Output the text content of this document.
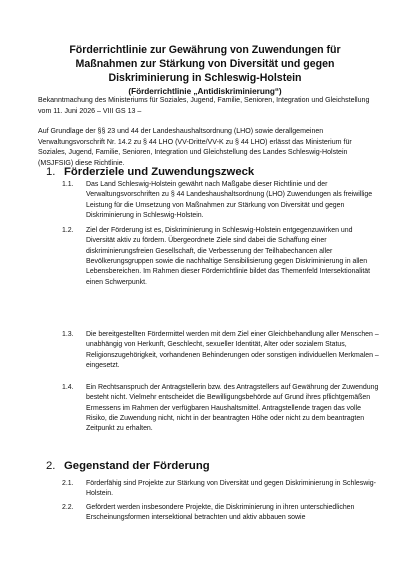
Förderrichtlinie zur Gewährung von Zuwendungen für

Maßnahmen zur Stärkung von Diversität und gegen

Diskriminierung in Schleswig-Holstein

(Förderrichtlinie „Antidiskriminierung“)

Bekanntmachung des Ministeriums für Soziales, Jugend, Familie, Senioren, Integration und Gleichstellung vom 11. Juni 2026 – VIII GS 13 –

Auf Grundlage der §§ 23 und 44 der Landeshaushaltsordnung (LHO) sowie derallgemeinen Verwaltungsvorschrift Nr. 14.2 zu § 44 LHO (VV-Dritte/VV-K zu § 44 LHO) erlässt das Ministerium für Soziales, Jugend, Familie, Senioren, Integration und Gleichstellung des Landes Schleswig-Holstein (MSJFSIG) diese Richtlinie.

1. Förderziele und Zuwendungszweck
1.1.	Das Land Schleswig-Holstein gewährt nach Maßgabe dieser Richtlinie und der Verwaltungsvorschriften zu § 44 Landeshaushaltsordnung (LHO) Zuwendungen als freiwillige Leistung für die Umsetzung von Maßnahmen zur Stärkung von Diversität und gegen Diskriminierung in Schleswig-Holstein.
1.2.	Ziel der Förderung ist es, Diskriminierung in Schleswig-Holstein entgegenzuwirken und Diversität aktiv zu fördern. Übergeordnete Ziele sind dabei die Schaffung einer diskriminierungsfreien Gesellschaft, die Verbesserung der Teilhabechancen aller Bevölkerungsgruppen sowie die nachhaltige Sensibilisierung gegen Diskriminierung in allen Lebensbereichen. Im Rahmen dieser Förderrichtlinie bildet das Themenfeld Intersektionalität einen Schwerpunkt.
1.3.	Die bereitgestellten Fördermittel werden mit dem Ziel einer Gleichbehandlung aller Menschen – unabhängig von Herkunft, Geschlecht, sexueller Identität, Alter oder sozialem Status, Religionszugehörigkeit, vorhandenen Behinderungen oder sonstigen individuellen Merkmalen – eingesetzt.
1.4.	Ein Rechtsanspruch der Antragstellerin bzw. des Antragstellers auf Gewährung der Zuwendung besteht nicht. Vielmehr entscheidet die Bewilligungsbehörde auf Grund ihres pflichtgemäßen Ermessens im Rahmen der verfügbaren Haushaltsmittel. Antragstellende tragen das volle Risiko, die Zuwendung nicht, nicht in der beantragten Höhe oder nicht zu dem beantragten Zeitpunkt zu erhalten.
2. Gegenstand der Förderung
2.1.	Förderfähig sind Projekte zur Stärkung von Diversität und gegen Diskriminierung in Schleswig-Holstein.
2.2.	Gefördert werden insbesondere Projekte, die Diskriminierung in ihren unterschiedlichen Erscheinungsformen intersektional betrachten und aktiv abbauen sowie
